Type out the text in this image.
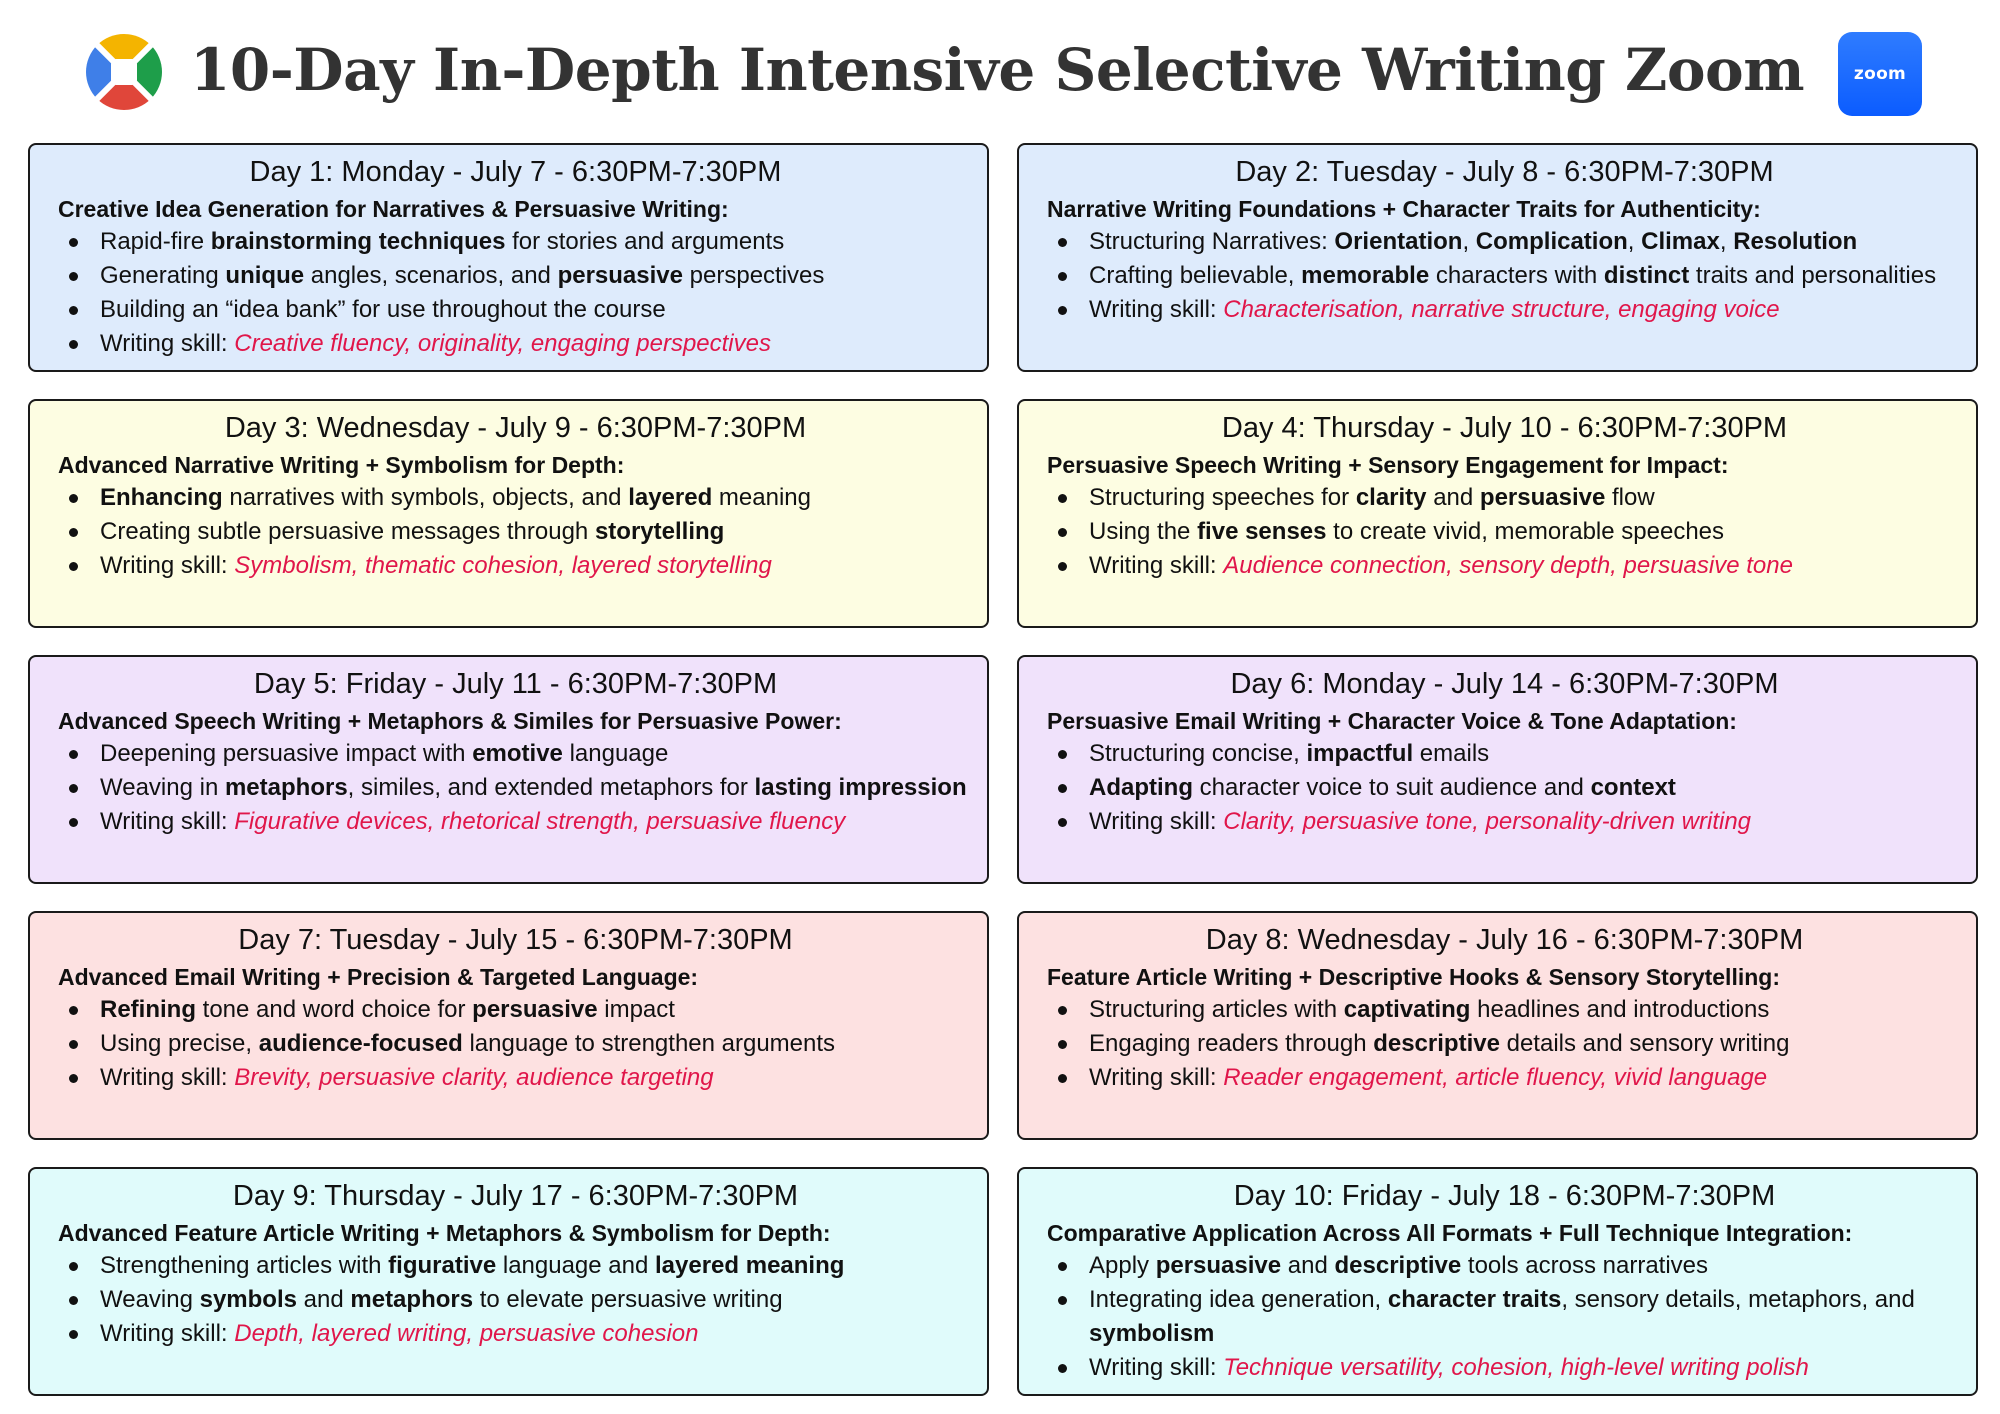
10-Day In-Depth Intensive Selective Writing Zoom	zoom
Day 1: Monday - July 7 - 6:30PM-7:30PM
Creative Idea Generation for Narratives & Persuasive Writing:
Rapid-fire brainstorming techniques for stories and arguments
Generating unique angles, scenarios, and persuasive perspectives
Building an “idea bank” for use throughout the course
Writing skill: Creative fluency, originality, engaging perspectives
Day 2: Tuesday - July 8 - 6:30PM-7:30PM
Narrative Writing Foundations + Character Traits for Authenticity:
Structuring Narratives: Orientation, Complication, Climax, Resolution
Crafting believable, memorable characters with distinct traits and personalities
Writing skill: Characterisation, narrative structure, engaging voice
Day 3: Wednesday - July 9 - 6:30PM-7:30PM
Advanced Narrative Writing + Symbolism for Depth:
Enhancing narratives with symbols, objects, and layered meaning
Creating subtle persuasive messages through storytelling
Writing skill: Symbolism, thematic cohesion, layered storytelling
Day 4: Thursday - July 10 - 6:30PM-7:30PM
Persuasive Speech Writing + Sensory Engagement for Impact:
Structuring speeches for clarity and persuasive flow
Using the five senses to create vivid, memorable speeches
Writing skill: Audience connection, sensory depth, persuasive tone
Day 5: Friday - July 11 - 6:30PM-7:30PM
Advanced Speech Writing + Metaphors & Similes for Persuasive Power:
Deepening persuasive impact with emotive language
Weaving in metaphors, similes, and extended metaphors for lasting impression
Writing skill: Figurative devices, rhetorical strength, persuasive fluency
Day 6: Monday - July 14 - 6:30PM-7:30PM
Persuasive Email Writing + Character Voice & Tone Adaptation:
Structuring concise, impactful emails
Adapting character voice to suit audience and context
Writing skill: Clarity, persuasive tone, personality-driven writing
Day 7: Tuesday - July 15 - 6:30PM-7:30PM
Advanced Email Writing + Precision & Targeted Language:
Refining tone and word choice for persuasive impact
Using precise, audience-focused language to strengthen arguments
Writing skill: Brevity, persuasive clarity, audience targeting
Day 8: Wednesday - July 16 - 6:30PM-7:30PM
Feature Article Writing + Descriptive Hooks & Sensory Storytelling:
Structuring articles with captivating headlines and introductions
Engaging readers through descriptive details and sensory writing
Writing skill: Reader engagement, article fluency, vivid language
Day 9: Thursday - July 17 - 6:30PM-7:30PM
Advanced Feature Article Writing + Metaphors & Symbolism for Depth:
Strengthening articles with figurative language and layered meaning
Weaving symbols and metaphors to elevate persuasive writing
Writing skill: Depth, layered writing, persuasive cohesion
Day 10: Friday - July 18 - 6:30PM-7:30PM
Comparative Application Across All Formats + Full Technique Integration:
Apply persuasive and descriptive tools across narratives
Integrating idea generation, character traits, sensory details, metaphors, and symbolism
Writing skill: Technique versatility, cohesion, high-level writing polish
